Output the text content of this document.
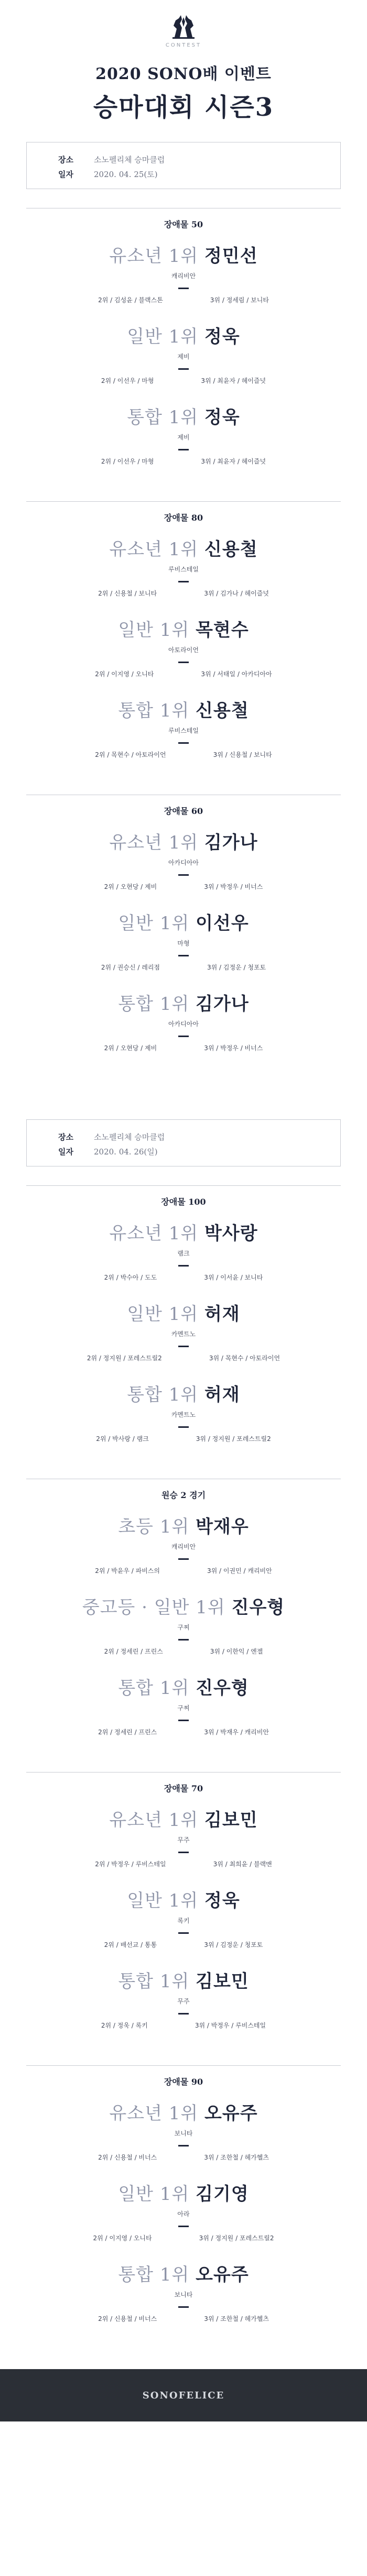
CONTEST
2020 SONO배 이벤트
승마대회 시즌3
장소	소노펠리체 승마클럽
일자	2020. 04. 25(토)
장애물 50
유소년 1위 정민선
캐리비안
2위 / 김성윤 / 블랙스톤	3위 / 정세림 / 보니타
일반 1위 정욱
제비
2위 / 이선우 / 마형	3위 / 최윤자 / 헤이즐넛
통합 1위 정욱
제비
2위 / 이선우 / 마형	3위 / 최윤자 / 헤이즐넛
장애물 80
유소년 1위 신용철
루비스테일
2위 / 신용철 / 보니타	3위 / 김가나 / 헤이즐넛
일반 1위 목현수
아토라이언
2위 / 이지영 / 오니타	3위 / 서태일 / 아카디아아
통합 1위 신용철
루비스테일
2위 / 목현수 / 아토라이언	3위 / 신용철 / 보니타
장애물 60
유소년 1위 김가나
아카디아아
2위 / 오현당 / 제비	3위 / 박정우 / 비너스
일반 1위 이선우
마형
2위 / 권승신 / 레리점	3위 / 김정운 / 청포토
통합 1위 김가나
아카디아아
2위 / 오현당 / 제비	3위 / 박정우 / 비너스
장소	소노펠리체 승마클럽
일자	2020. 04. 26(일)
장애물 100
유소년 1위 박사랑
램크
2위 / 박수아 / 도도	3위 / 이서윤 / 보니타
일반 1위 허재
카멘트노
2위 / 정지원 / 포레스트릴2	3위 / 목현수 / 아토라이언
통합 1위 허재
카멘트노
2위 / 박사랑 / 램크	3위 / 정지원 / 포레스트릴2
원승 2 경기
초등 1위 박재우
캐리비안
2위 / 박윤우 / 파비스의	3위 / 이권민 / 캐리비안
중고등 · 일반 1위 진우형
구찌
2위 / 정세린 / 프린스	3위 / 이한익 / 엔젤
통합 1위 진우형
구찌
2위 / 정세린 / 프린스	3위 / 박재우 / 캐리비안
장애물 70
유소년 1위 김보민
무주
2위 / 박정우 / 루비스테일	3위 / 최희윤 / 블랙맨
일반 1위 정욱
록키
2위 / 배선교 / 통통	3위 / 김정운 / 청포토
통합 1위 김보민
무주
2위 / 정욱 / 록키	3위 / 박정우 / 루비스테일
장애물 90
유소년 1위 오유주
보니타
2위 / 신용철 / 비너스	3위 / 조한철 / 헤가헬츠
일반 1위 김기영
아라
2위 / 이지영 / 오니타	3위 / 정지원 / 포레스트릴2
통합 1위 오유주
보니타
2위 / 신용철 / 비너스	3위 / 조한철 / 헤가헬츠
SONOFELICE
